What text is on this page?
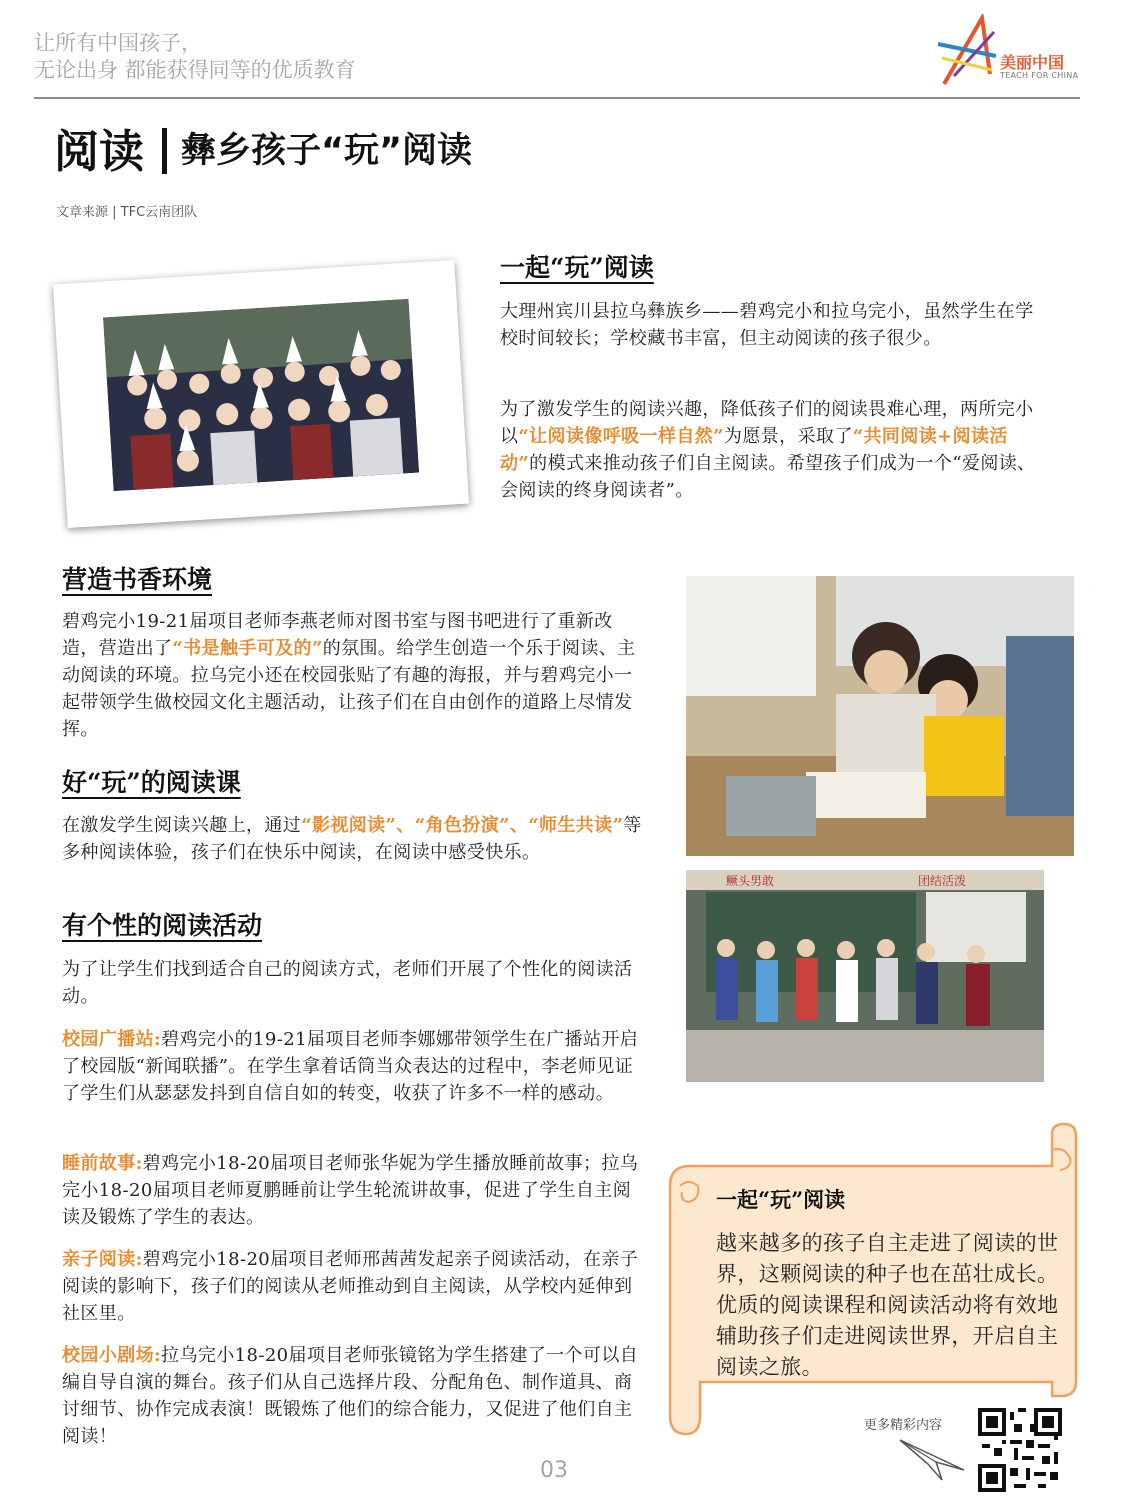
让所有中国孩子，
无论出身 都能获得同等的优质教育	美丽中国
TEACH FOR CHINA
阅读 彝乡孩子“玩”阅读
文章来源 | TFC云南团队
一起“玩”阅读
大理州宾川县拉乌彝族乡——碧鸡完小和拉乌完小，虽然学生在学校时间较长；学校藏书丰富，但主动阅读的孩子很少。
为了激发学生的阅读兴趣，降低孩子们的阅读畏难心理，两所完小以“让阅读像呼吸一样自然”为愿景，采取了“共同阅读+阅读活动”的模式来推动孩子们自主阅读。希望孩子们成为一个“爱阅读、会阅读的终身阅读者”。
营造书香环境
碧鸡完小19-21届项目老师李燕老师对图书室与图书吧进行了重新改造，营造出了“书是触手可及的”的氛围。给学生创造一个乐于阅读、主动阅读的环境。拉乌完小还在校园张贴了有趣的海报，并与碧鸡完小一起带领学生做校园文化主题活动，让孩子们在自由创作的道路上尽情发挥。
好“玩”的阅读课
在激发学生阅读兴趣上，通过“影视阅读”、“角色扮演”、“师生共读”等多种阅读体验，孩子们在快乐中阅读，在阅读中感受快乐。
有个性的阅读活动
为了让学生们找到适合自己的阅读方式，老师们开展了个性化的阅读活动。
校园广播站:碧鸡完小的19-21届项目老师李娜娜带领学生在广播站开启了校园版“新闻联播”。在学生拿着话筒当众表达的过程中，李老师见证了学生们从瑟瑟发抖到自信自如的转变，收获了许多不一样的感动。
睡前故事:碧鸡完小18-20届项目老师张华妮为学生播放睡前故事；拉乌完小18-20届项目老师夏鹏睡前让学生轮流讲故事，促进了学生自主阅读及锻炼了学生的表达。
亲子阅读:碧鸡完小18-20届项目老师邢茜茜发起亲子阅读活动，在亲子阅读的影响下，孩子们的阅读从老师推动到自主阅读，从学校内延伸到社区里。
校园小剧场:拉乌完小18-20届项目老师张镜铭为学生搭建了一个可以自编自导自演的舞台。孩子们从自己选择片段、分配角色、制作道具、商讨细节、协作完成表演！既锻炼了他们的综合能力，又促进了他们自主阅读！
鳜头男敢	团结活泼
一起“玩”阅读
越来越多的孩子自主走进了阅读的世界，这颗阅读的种子也在茁壮成长。优质的阅读课程和阅读活动将有效地辅助孩子们走进阅读世界，开启自主阅读之旅。
更多精彩内容
03
